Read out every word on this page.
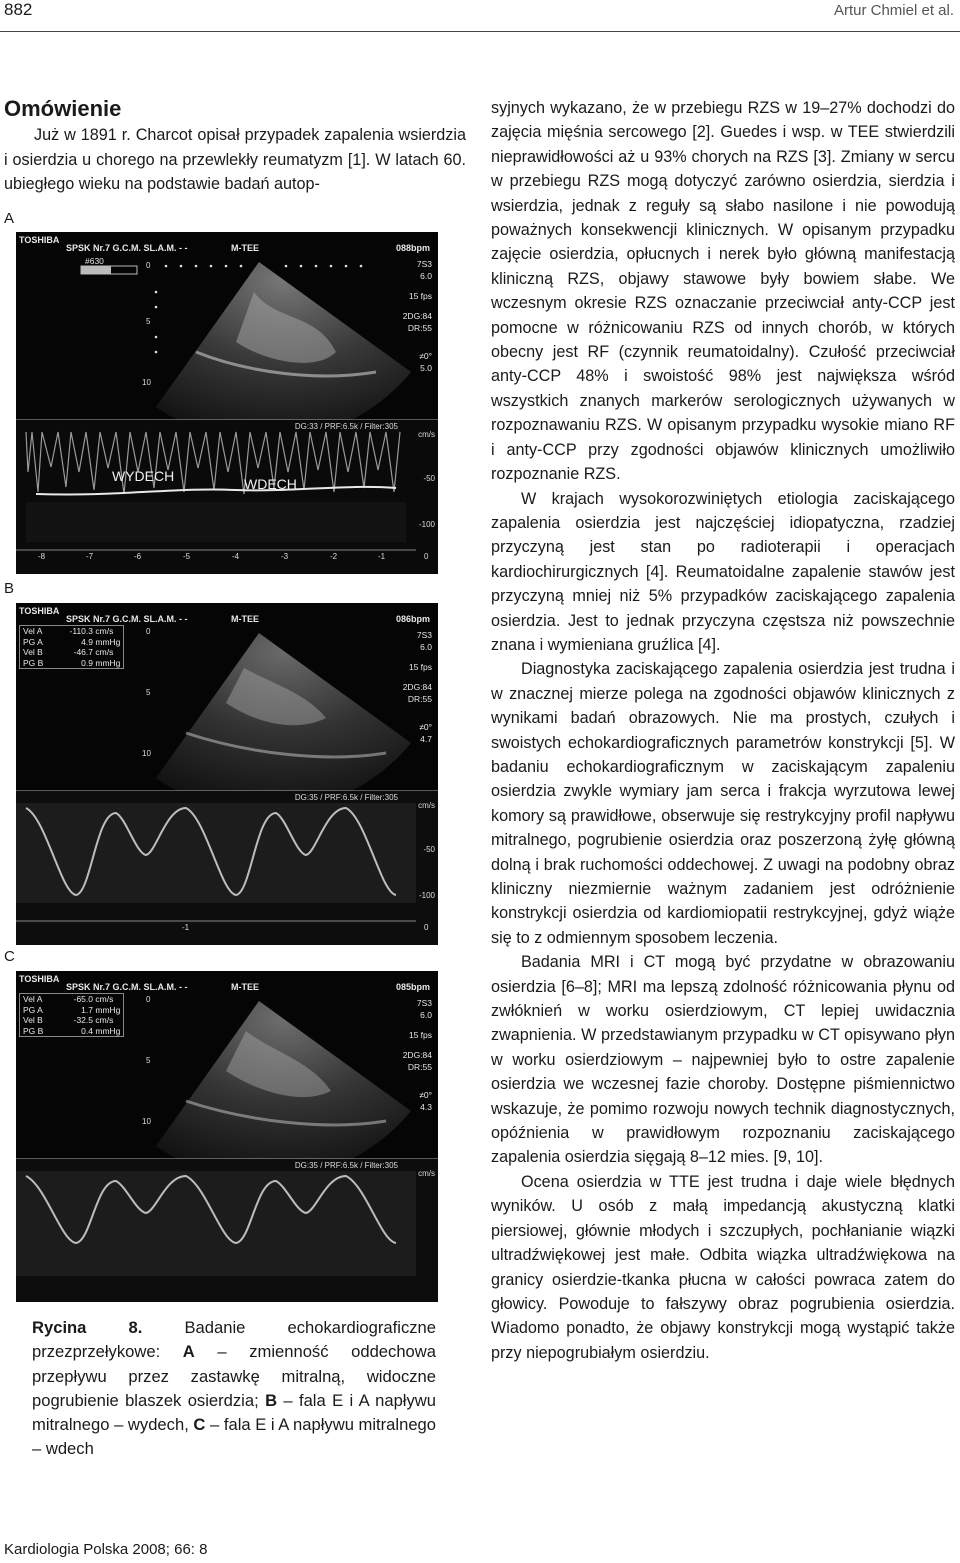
882	Artur Chmiel et al.
Omówienie

Już w 1891 r. Charcot opisał przypadek zapalenia wsierdzia i osierdzia u chorego na przewlekły reumatyzm [1]. W latach 60. ubiegłego wieku na podstawie badań autop-

A
B
C
TOSHIBA
SPSK Nr.7 G.C.M. SL.A.M. - -	M-TEE	088bpm
#630	0
5
10
7S3
6.0
15 fps
2DG:84
DR:55
≠0°
5.0
DG:33 / PRF:6.5k / Filter:305
cm/s
-50
-100
WYDECH	WDECH
-8	-7	-6	-5	-4	-3	-2	-1	0
TOSHIBA
SPSK Nr.7 G.C.M. SL.A.M. - -	M-TEE	086bpm
Vel A	-110.3 cm/s
PG A	4.9 mmHg
Vel B	-46.7 cm/s
PG B	0.9 mmHg
0
5
10
7S3
6.0
15 fps
2DG:84
DR:55
≠0°
4.7
DG:35 / PRF:6.5k / Filter:305
cm/s
-50
-100
-1	0
TOSHIBA
SPSK Nr.7 G.C.M. SL.A.M. - -	M-TEE	085bpm
Vel A	-65.0 cm/s
PG A	1.7 mmHg
Vel B	-32.5 cm/s
PG B	0.4 mmHg
0
5
10
7S3
6.0
15 fps
2DG:84
DR:55
≠0°
4.3
DG:35 / PRF:6.5k / Filter:305
cm/s
Rycina 8. Badanie echokardiograficzne przezprzełykowe: A – zmienność oddechowa przepływu przez zastawkę mitralną, widoczne pogrubienie blaszek osierdzia; B – fala E i A napływu mitralnego – wydech, C – fala E i A napływu mitralnego – wdech

syjnych wykazano, że w przebiegu RZS w 19–27% dochodzi do zajęcia mięśnia sercowego [2]. Guedes i wsp. w TEE stwierdzili nieprawidłowości aż u 93% chorych na RZS [3]. Zmiany w sercu w przebiegu RZS mogą dotyczyć zarówno osierdzia, sierdzia i wsierdzia, jednak z reguły są słabo nasilone i nie powodują poważnych konsekwencji klinicznych. W opisanym przypadku zajęcie osierdzia, opłucnych i nerek było główną manifestacją kliniczną RZS, objawy stawowe były bowiem słabe. We wczesnym okresie RZS oznaczanie przeciwciał anty-CCP jest pomocne w różnicowaniu RZS od innych chorób, w których obecny jest RF (czynnik reumatoidalny). Czułość przeciwciał anty-CCP 48% i swoistość 98% jest największa wśród wszystkich znanych markerów serologicznych używanych w rozpoznawaniu RZS. W opisanym przypadku wysokie miano RF i anty-CCP przy zgodności objawów klinicznych umożliwiło rozpoznanie RZS.

W krajach wysokorozwiniętych etiologia zaciskającego zapalenia osierdzia jest najczęściej idiopatyczna, rzadziej przyczyną jest stan po radioterapii i operacjach kardiochirurgicznych [4]. Reumatoidalne zapalenie stawów jest przyczyną mniej niż 5% przypadków zaciskającego zapalenia osierdzia. Jest to jednak przyczyna częstsza niż powszechnie znana i wymieniana gruźlica [4].

Diagnostyka zaciskającego zapalenia osierdzia jest trudna i w znacznej mierze polega na zgodności objawów klinicznych z wynikami badań obrazowych. Nie ma prostych, czułych i swoistych echokardiograficznych parametrów konstrykcji [5]. W badaniu echokardiograficznym w zaciskającym zapaleniu osierdzia zwykle wymiary jam serca i frakcja wyrzutowa lewej komory są prawidłowe, obserwuje się restrykcyjny profil napływu mitralnego, pogrubienie osierdzia oraz poszerzoną żyłę główną dolną i brak ruchomości oddechowej. Z uwagi na podobny obraz kliniczny niezmiernie ważnym zadaniem jest odróżnienie konstrykcji osierdzia od kardiomiopatii restrykcyjnej, gdyż wiąże się to z odmiennym sposobem leczenia.

Badania MRI i CT mogą być przydatne w obrazowaniu osierdzia [6–8]; MRI ma lepszą zdolność różnicowania płynu od zwłóknień w worku osierdziowym, CT lepiej uwidacznia zwapnienia. W przedstawianym przypadku w CT opisywano płyn w worku osierdziowym – najpewniej było to ostre zapalenie osierdzia we wczesnej fazie choroby. Dostępne piśmiennictwo wskazuje, że pomimo rozwoju nowych technik diagnostycznych, opóźnienia w prawidłowym rozpoznaniu zaciskającego zapalenia osierdzia sięgają 8–12 mies. [9, 10].

Ocena osierdzia w TTE jest trudna i daje wiele błędnych wyników. U osób z małą impedancją akustyczną klatki piersiowej, głównie młodych i szczupłych, pochłanianie wiązki ultradźwiękowej jest małe. Odbita wiązka ultradźwiękowa na granicy osierdzie-tkanka płucna w całości powraca zatem do głowicy. Powoduje to fałszywy obraz pogrubienia osierdzia. Wiadomo ponadto, że objawy konstrykcji mogą wystąpić także przy niepogrubiałym osierdziu.

Kardiologia Polska 2008; 66: 8
